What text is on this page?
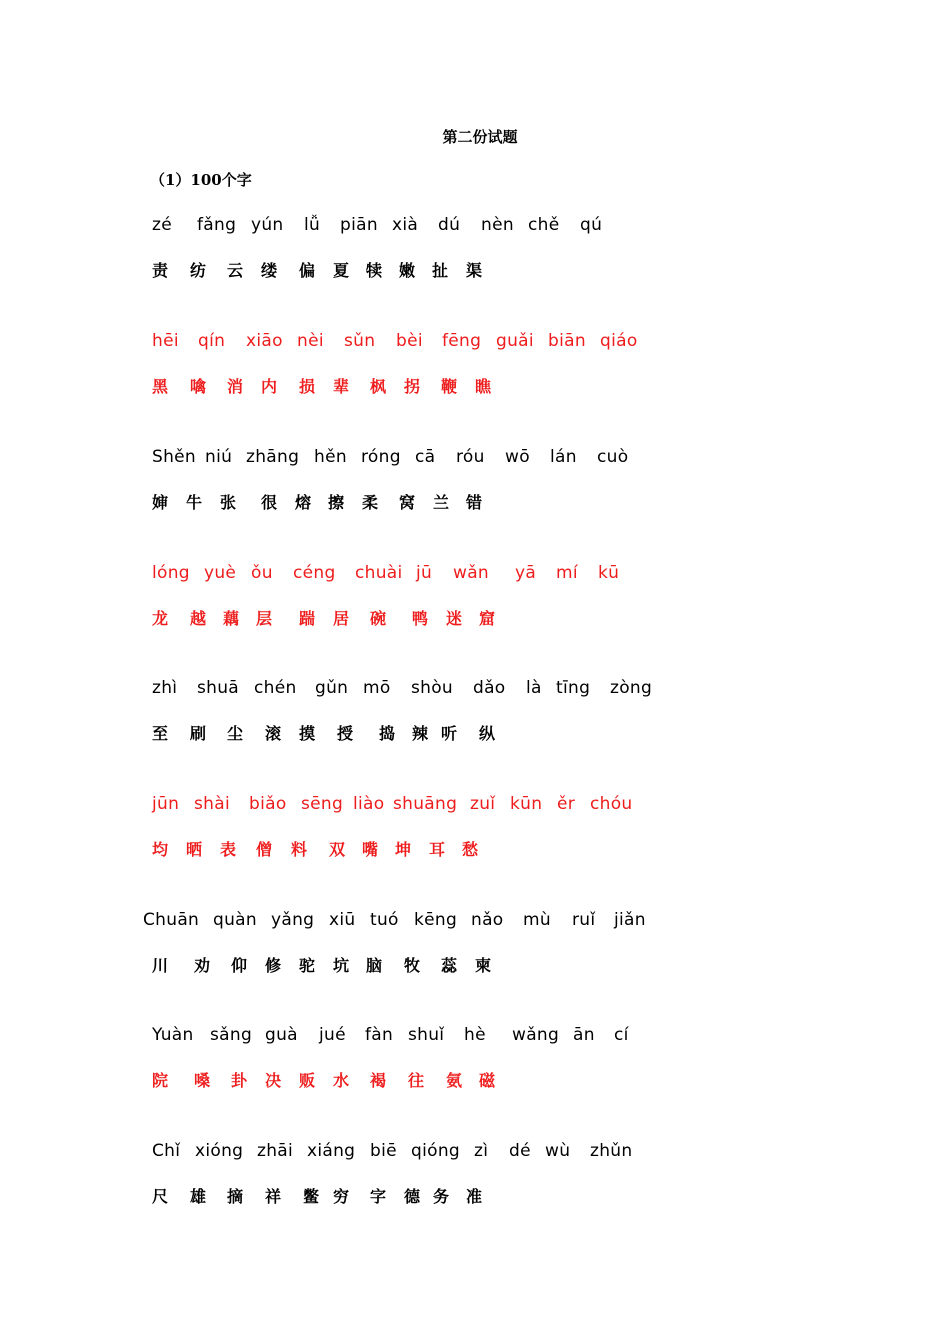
第二份试题
（1）100个字
zé fǎng yún lǚ piān xià dú nèn chě qú
责 纺 云 缕 偏 夏 犊 嫩 扯 渠
hēi qín xiāo nèi sǔn bèi fēng guǎi biān qiáo
黑 噙 消 内 损 辈 枫 拐 鞭 瞧
Shěn niú zhāng hěn róng cā róu wō lán cuò
婶 牛 张 很 熔 擦 柔 窝 兰 错
lóng yuè ǒu céng chuài jū wǎn yā mí kū
龙 越 藕 层 踹 居 碗 鸭 迷 窟
zhì shuā chén gǔn mō shòu dǎo là tīng zòng
至 刷 尘 滚 摸 授 捣 辣 听 纵
jūn shài biǎo sēng liào shuāng zuǐ kūn ěr chóu
均 晒 表 僧 料 双 嘴 坤 耳 愁
Chuān quàn yǎng xiū tuó kēng nǎo mù ruǐ jiǎn
川 劝 仰 修 驼 坑 脑 牧 蕊 柬
Yuàn sǎng guà jué fàn shuǐ hè wǎng ān cí
院 嗓 卦 决 贩 水 褐 往 氨 磁
Chǐ xióng zhāi xiáng biē qióng zì dé wù zhǔn
尺 雄 摘 祥 鳖 穷 字 德 务 准
